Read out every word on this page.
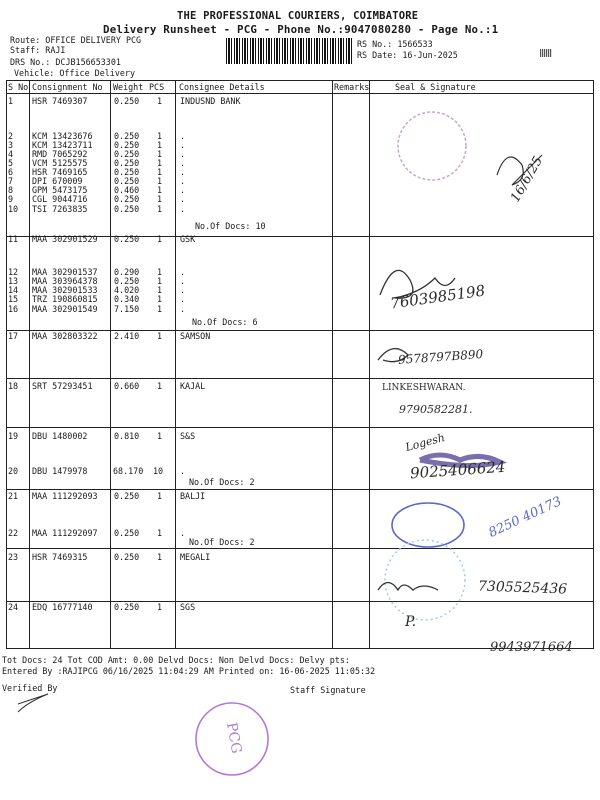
THE PROFESSIONAL COURIERS, COIMBATORE
Delivery Runsheet - PCG - Phone No.:9047080280 - Page No.:1
Route: OFFICE DELIVERY PCG
Staff: RAJI
DRS No.: DCJB156653301
Vehicle: Office Delivery
RS No.: 1566533
RS Date: 16-Jun-2025
S No Consignment No Weight PCS Consignee Details	Remarks	Seal & Signature
1 HSR 7469307	0.250 1 INDUSND BANK
2 KCM 13423676	0.250 1 .
3 KCM 13423711	0.250 1 .
4 RMD 7065292	0.250 1 .
5 VCM 5125575	0.250 1 .
6 HSR 7469165	0.250 1 .
7 DPI 670009	0.250 1 .
8 GPM 5473175	0.460 1 .
9 CGL 9044716	0.250 1 .
10 TSI 7263835	0.250 1 .
11 MAA 302901529 0.250 1 GSK
12 MAA 302901537 0.290 1 .
13 MAA 303964378 0.250 1 .
14 MAA 302901533 4.020 1 .
15 TRZ 190860815 0.340 1 .
16 MAA 302901549 7.150 1 .
17 MAA 302803322 2.410 1 SAMSON
18 SRT 57293451	0.660 1 KAJAL
19 DBU 1480002	0.810 1 S&S
20 DBU 1479978	68.170 10 .
21 MAA 111292093 0.250 1 BALJI
22 MAA 111292097 0.250 1 .
23 HSR 7469315	0.250 1 MEGALI
24 EDQ 16777140	0.250 1 SGS
No.Of Docs: 10
No.Of Docs: 6
No.Of Docs: 2
No.Of Docs: 2
16/6/25
7603985198
9578797B890
LINKESHWARAN.
9790582281.
Logesh
9025406624
8250 40173
7305525436
P.
9943971664
PCG
Tot Docs: 24 Tot COD Amt: 0.00 Delvd Docs: Non Delvd Docs: Delvy pts:
Entered By :RAJIPCG 06/16/2025 11:04:29 AM Printed on: 16-06-2025 11:05:32
Verified By	Staff Signature
